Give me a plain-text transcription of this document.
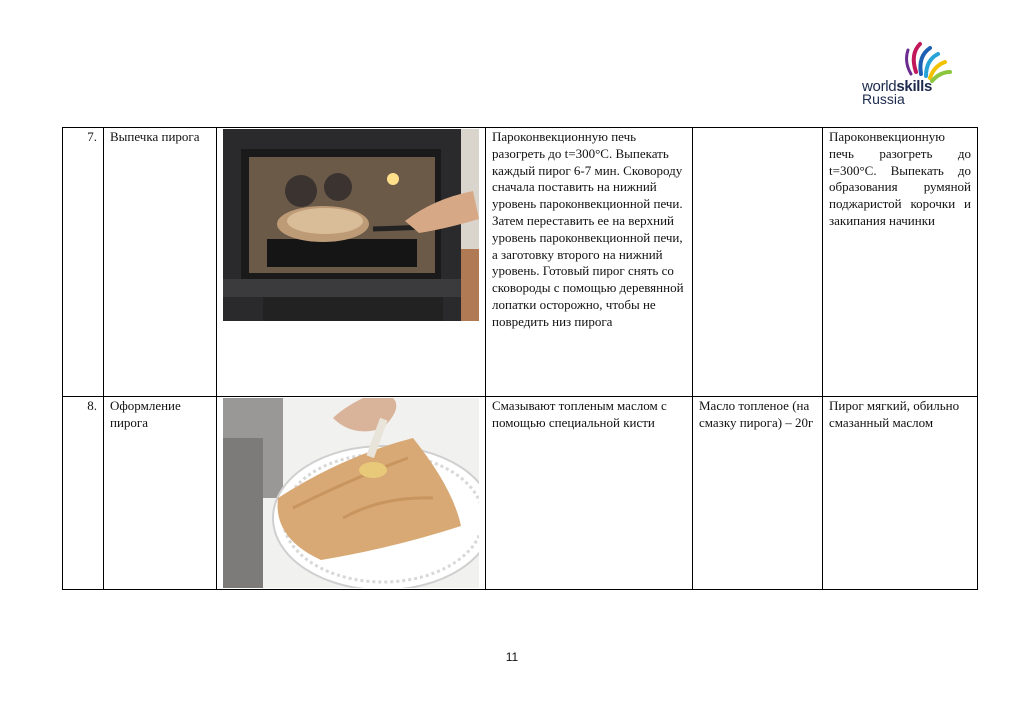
worldskills
Russia
7.	Выпечка пирога		Пароконвекционную печь разогреть до t=300°C. Выпекать каждый пирог 6-7 мин. Сковороду сначала поставить на нижний уровень пароконвекционной печи. Затем переставить ее на верхний уровень пароконвекционной печи, а заготовку второго на нижний уровень. Готовый пирог снять со сковороды с помощью деревянной лопатки осторожно, чтобы не повредить низ пирога		Пароконвекционную печь разогреть до t=300°C. Выпекать до образования румяной поджаристой корочки и закипания начинки
8.	Оформление пирога		Смазывают топленым маслом с помощью специальной кисти	Масло топленое (на смазку пирога) – 20г	Пирог мягкий, обильно смазанный маслом
11
